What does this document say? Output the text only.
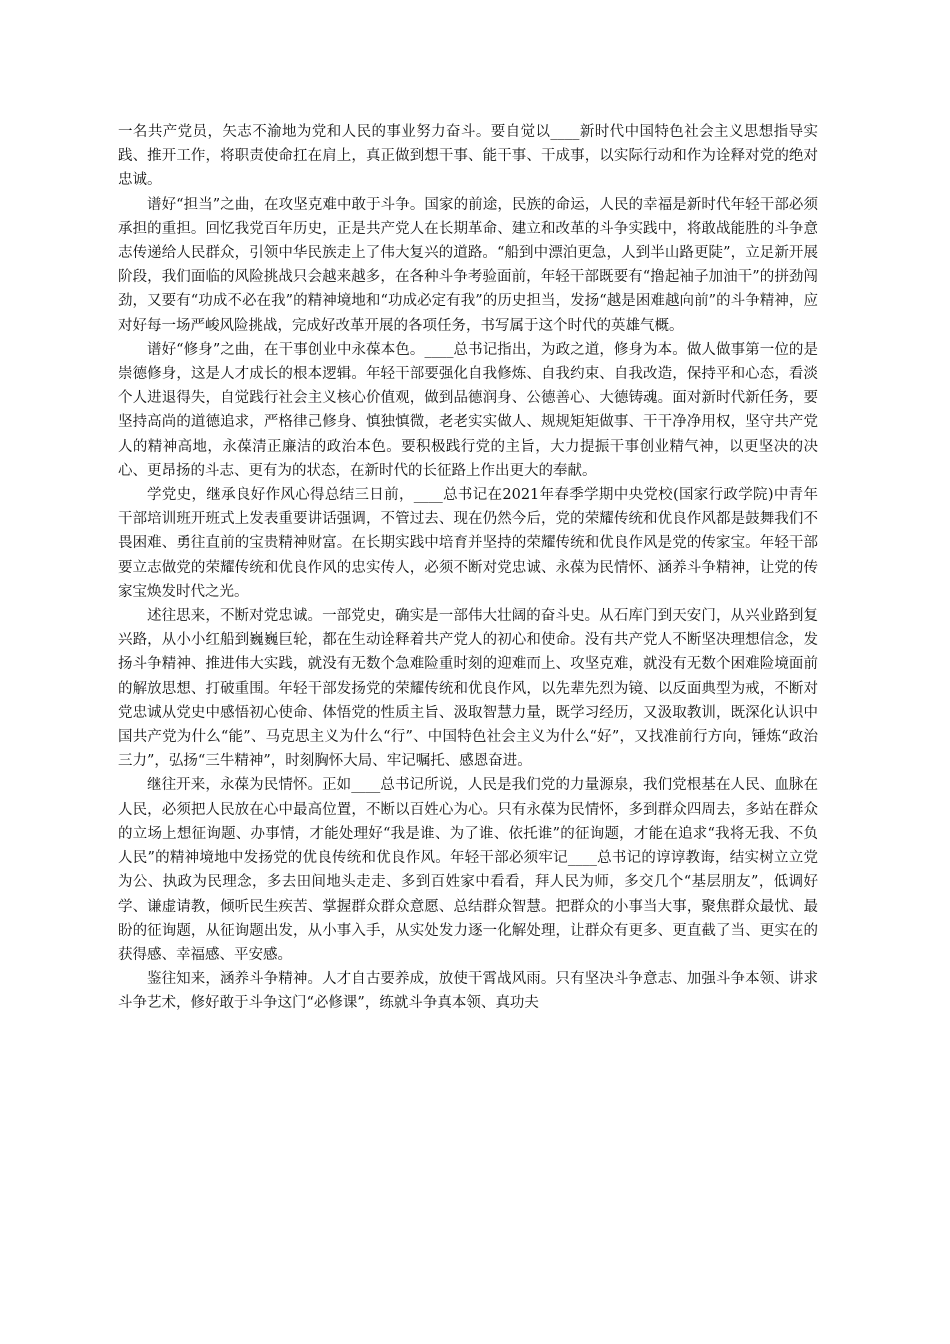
一名共产党员，矢志不渝地为党和人民的事业努力奋斗。要自觉以____新时代中国特色社会主义思想指导实践、推开工作，将职责使命扛在肩上，真正做到想干事、能干事、干成事，以实际行动和作为诠释对党的绝对忠诚。

谱好“担当”之曲，在攻坚克难中敢于斗争。国家的前途，民族的命运，人民的幸福是新时代年轻干部必须承担的重担。回忆我党百年历史，正是共产党人在长期革命、建立和改革的斗争实践中，将敢战能胜的斗争意志传递给人民群众，引领中华民族走上了伟大复兴的道路。“船到中漂泊更急，人到半山路更陡”，立足新开展阶段，我们面临的风险挑战只会越来越多，在各种斗争考验面前，年轻干部既要有“撸起袖子加油干”的拼劲闯劲，又要有“功成不必在我”的精神境地和“功成必定有我”的历史担当，发扬“越是困难越向前”的斗争精神，应对好每一场严峻风险挑战，完成好改革开展的各项任务，书写属于这个时代的英雄气概。

谱好“修身”之曲，在干事创业中永葆本色。____总书记指出，为政之道，修身为本。做人做事第一位的是崇德修身，这是人才成长的根本逻辑。年轻干部要强化自我修炼、自我约束、自我改造，保持平和心态，看淡个人进退得失，自觉践行社会主义核心价值观，做到品德润身、公德善心、大德铸魂。面对新时代新任务，要坚持高尚的道德追求，严格律己修身、慎独慎微，老老实实做人、规规矩矩做事、干干净净用权，坚守共产党人的精神高地，永葆清正廉洁的政治本色。要积极践行党的主旨，大力提振干事创业精气神，以更坚决的决心、更昂扬的斗志、更有为的状态，在新时代的长征路上作出更大的奉献。

学党史，继承良好作风心得总结三日前，____总书记在2021年春季学期中央党校(国家行政学院)中青年干部培训班开班式上发表重要讲话强调，不管过去、现在仍然今后，党的荣耀传统和优良作风都是鼓舞我们不畏困难、勇往直前的宝贵精神财富。在长期实践中培育并坚持的荣耀传统和优良作风是党的传家宝。年轻干部要立志做党的荣耀传统和优良作风的忠实传人，必须不断对党忠诚、永葆为民情怀、涵养斗争精神，让党的传家宝焕发时代之光。

述往思来，不断对党忠诚。一部党史，确实是一部伟大壮阔的奋斗史。从石库门到天安门，从兴业路到复兴路，从小小红船到巍巍巨轮，都在生动诠释着共产党人的初心和使命。没有共产党人不断坚决理想信念，发扬斗争精神、推进伟大实践，就没有无数个急难险重时刻的迎难而上、攻坚克难，就没有无数个困难险境面前的解放思想、打破重围。年轻干部发扬党的荣耀传统和优良作风，以先辈先烈为镜、以反面典型为戒，不断对党忠诚从党史中感悟初心使命、体悟党的性质主旨、汲取智慧力量，既学习经历，又汲取教训，既深化认识中国共产党为什么“能”、马克思主义为什么“行”、中国特色社会主义为什么“好”，又找准前行方向，锤炼“政治三力”，弘扬“三牛精神”，时刻胸怀大局、牢记嘱托、感恩奋进。

继往开来，永葆为民情怀。正如____总书记所说，人民是我们党的力量源泉，我们党根基在人民、血脉在人民，必须把人民放在心中最高位置，不断以百姓心为心。只有永葆为民情怀，多到群众四周去，多站在群众的立场上想征询题、办事情，才能处理好“我是谁、为了谁、依托谁”的征询题，才能在追求“我将无我、不负人民”的精神境地中发扬党的优良传统和优良作风。年轻干部必须牢记____总书记的谆谆教诲，结实树立立党为公、执政为民理念，多去田间地头走走、多到百姓家中看看，拜人民为师，多交几个“基层朋友”，低调好学、谦虚请教，倾听民生疾苦、掌握群众群众意愿、总结群众智慧。把群众的小事当大事，聚焦群众最忧、最盼的征询题，从征询题出发，从小事入手，从实处发力逐一化解处理，让群众有更多、更直截了当、更实在的获得感、幸福感、平安感。

鉴往知来，涵养斗争精神。人才自古要养成，放使干霄战风雨。只有坚决斗争意志、加强斗争本领、讲求斗争艺术，修好敢于斗争这门“必修课”，练就斗争真本领、真功夫
